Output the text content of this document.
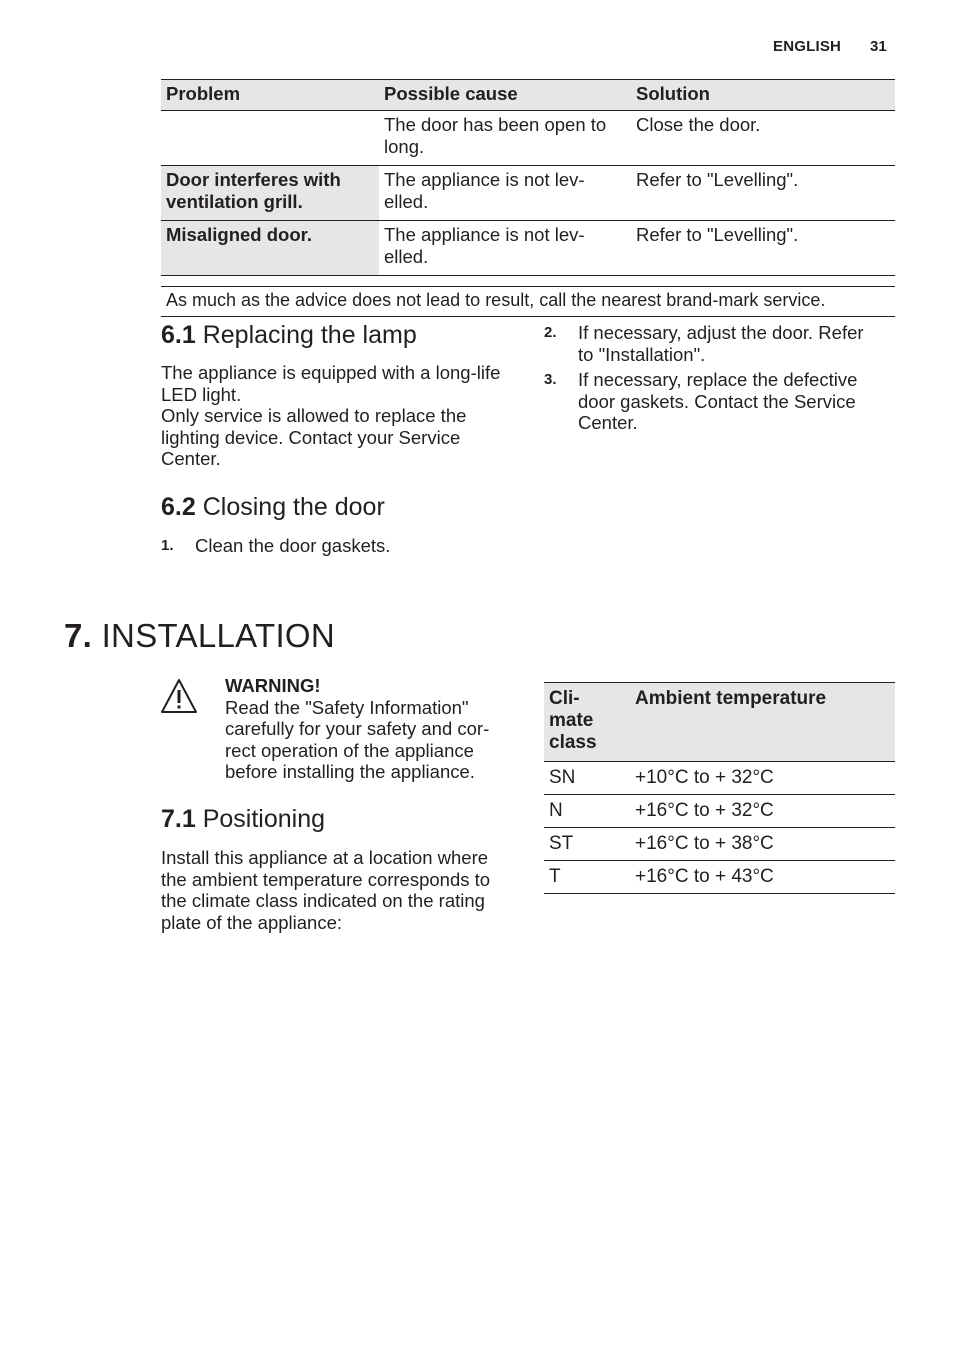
ENGLISH 31
Problem	Possible cause	Solution
	The door has been open to long.	Close the door.
Door interferes with ventilation grill.	The appliance is not lev-elled.	Refer to "Levelling".
Misaligned door.	The appliance is not lev-elled.	Refer to "Levelling".
As much as the advice does not lead to result, call the nearest brand-mark service.
6.1 Replacing the lamp

The appliance is equipped with a long-life LED light.

Only service is allowed to replace the lighting device. Contact your Service Center.

6.2 Closing the door
1. Clean the door gaskets.
2. If necessary, adjust the door. Refer to "Installation".
3. If necessary, replace the defective door gaskets. Contact the Service Center.
7. INSTALLATION
WARNING!

Read the "Safety Information" carefully for your safety and cor-rect operation of the appliance before installing the appliance.

7.1 Positioning

Install this appliance at a location where the ambient temperature corresponds to the climate class indicated on the rating plate of the appliance:

Cli-mate class	Ambient temperature
SN	+10°C to + 32°C
N	+16°C to + 32°C
ST	+16°C to + 38°C
T	+16°C to + 43°C
